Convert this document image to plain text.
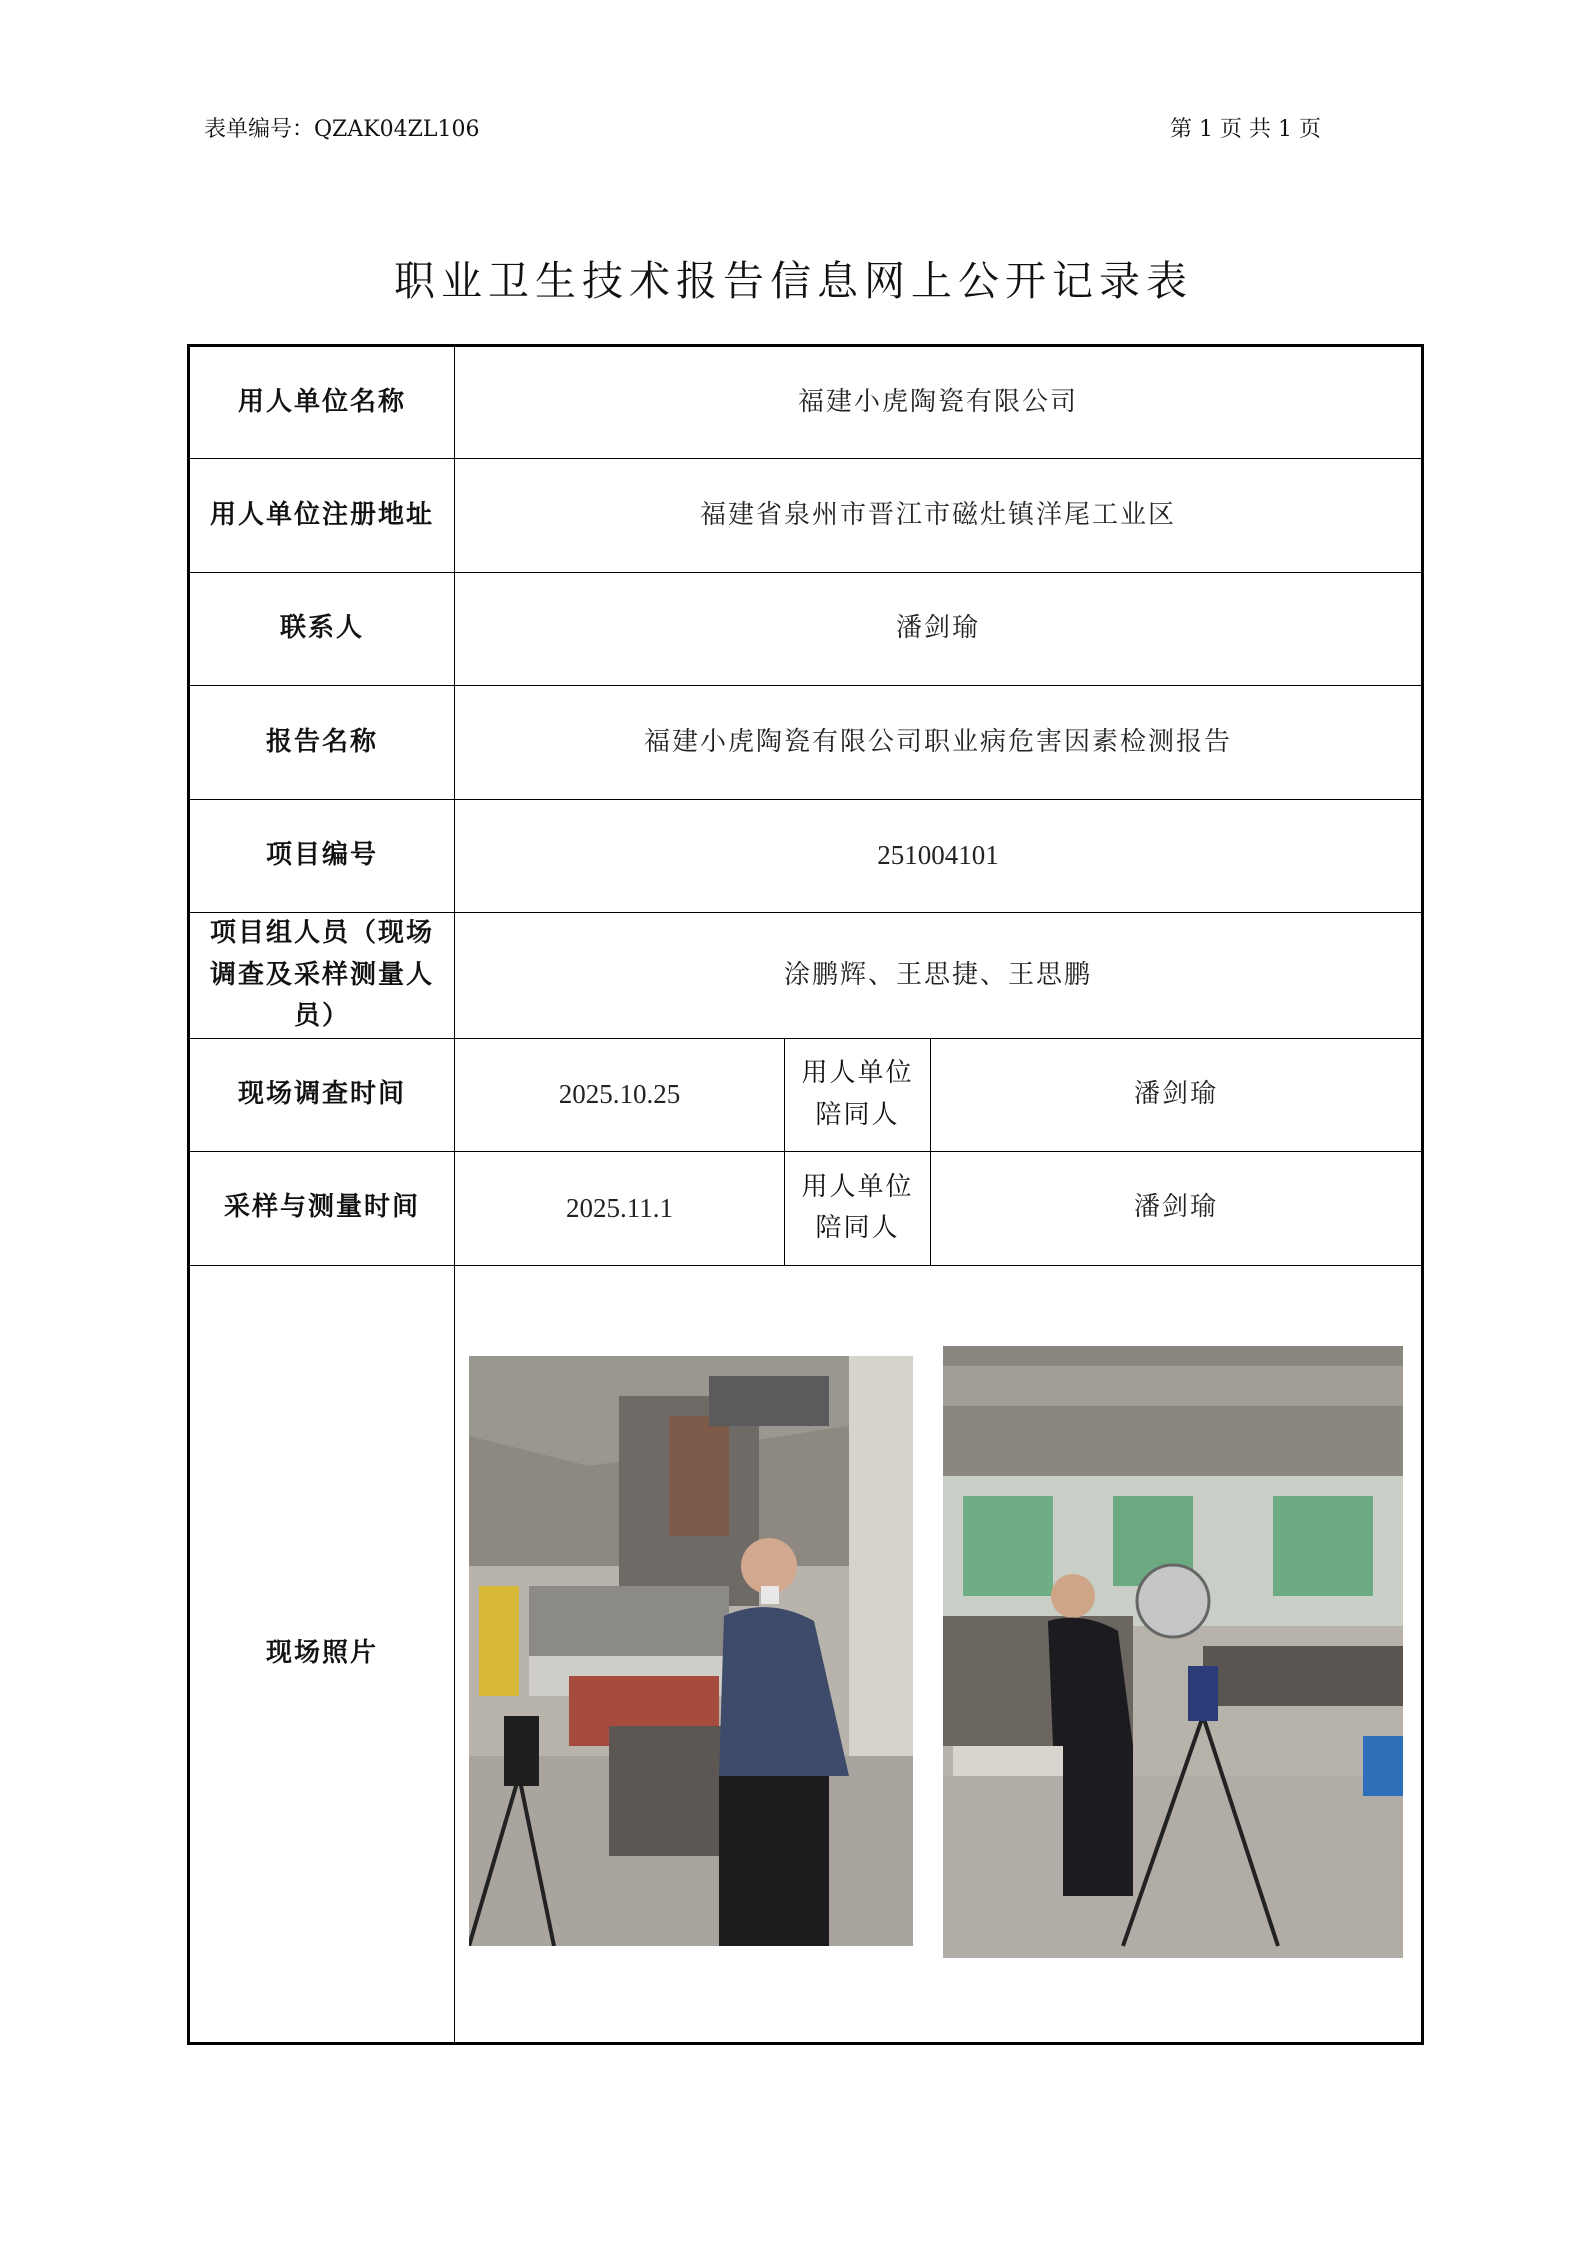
表单编号：QZAK04ZL106	第 1 页 共 1 页
职业卫生技术报告信息网上公开记录表
用人单位名称	福建小虎陶瓷有限公司		
用人单位注册地址	福建省泉州市晋江市磁灶镇洋尾工业区		
联系人	潘剑瑜		
报告名称	福建小虎陶瓷有限公司职业病危害因素检测报告		
项目编号	251004101		
项目组人员（现场调查及采样测量人员）	涂鹏辉、王思捷、王思鹏		
现场调查时间	2025.10.25	用人单位陪同人	潘剑瑜
采样与测量时间	2025.11.1	用人单位陪同人	潘剑瑜
现场照片	
